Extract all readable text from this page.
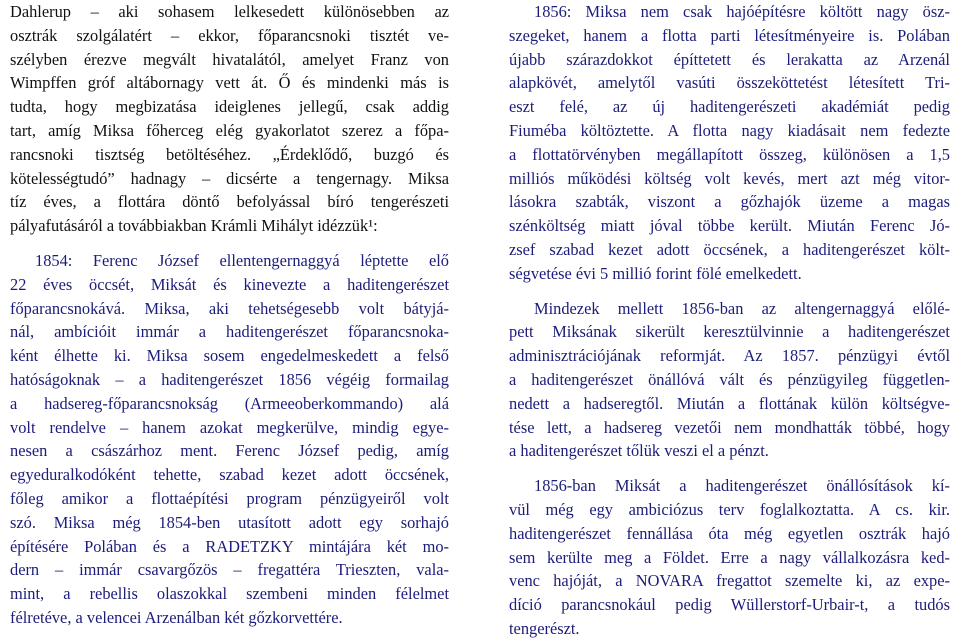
Dahlerup – aki sohasem lelkesedett különösebben az
osztrák szolgálatért – ekkor, főparancsnoki tisztét ve-
szélyben érezve megvált hivatalától, amelyet Franz von
Wimpffen gróf altábornagy vett át. Ő és mindenki más is
tudta, hogy megbizatása ideiglenes jellegű, csak addig
tart, amíg Miksa főherceg elég gyakorlatot szerez a főpa-
rancsnoki tisztség betöltéséhez. „Érdeklődő, buzgó és
kötelességtudó” hadnagy – dicsérte a tengernagy. Miksa
tíz éves, a flottára döntő befolyással bíró tengerészeti
pályafutásáról a továbbiakban Krámli Mihályt idézzük¹:
1854: Ferenc József ellentengernaggyá léptette elő
22 éves öccsét, Miksát és kinevezte a haditengerészet
főparancsnokává. Miksa, aki tehetségesebb volt bátyjá-
nál, ambícióit immár a haditengerészet főparancsnoka-
ként élhette ki. Miksa sosem engedelmeskedett a felső
hatóságoknak – a haditengerészet 1856 végéig formailag
a hadsereg-főparancsnokság (Armeeoberkommando) alá
volt rendelve – hanem azokat megkerülve, mindig egye-
nesen a császárhoz ment. Ferenc József pedig, amíg
egyeduralkodóként tehette, szabad kezet adott öccsének,
főleg amikor a flottaépítési program pénzügyeiről volt
szó. Miksa még 1854-ben utasított adott egy sorhajó
építésére Polában és a RADETZKY mintájára két mo-
dern – immár csavargőzös – fregattéra Trieszten, vala-
mint, a rebellis olaszokkal szembeni minden félelmet
félretéve, a velencei Arzenálban két gőzkorvettére.
1856: Miksa nem csak hajóépítésre költött nagy ösz-
szegeket, hanem a flotta parti létesítményeire is. Polában
újabb szárazdokkot építtetett és lerakatta az Arzenál
alapkövét, amelytől vasúti összeköttetést létesített Tri-
eszt felé, az új haditengerészeti akadémiát pedig
Fiuméba költöztette. A flotta nagy kiadásait nem fedezte
a flottatörvényben megállapított összeg, különösen a 1,5
milliós működési költség volt kevés, mert azt még vitor-
lásokra szabták, viszont a gőzhajók üzeme a magas
szénköltség miatt jóval többe került. Miután Ferenc Jó-
zsef szabad kezet adott öccsének, a haditengerészet költ-
ségvetése évi 5 millió forint fölé emelkedett.
Mindezek mellett 1856-ban az altengernaggyá előlé-
pett Miksának sikerült keresztülvinnie a haditengerészet
adminisztrációjának reformját. Az 1857. pénzügyi évtől
a haditengerészet önállóvá vált és pénzügyileg független-
nedett a hadseregtől. Miután a flottának külön költségve-
tése lett, a hadsereg vezetői nem mondhatták többé, hogy
a haditengerészet tőlük veszi el a pénzt.
1856-ban Miksát a haditengerészet önállósítások kí-
vül még egy ambiciózus terv foglalkoztatta. A cs. kir.
haditengerészet fennállása óta még egyetlen osztrák hajó
sem kerülte meg a Földet. Erre a nagy vállalkozásra ked-
venc hajóját, a NOVARA fregattot szemelte ki, az expe-
díció parancsnokául pedig Wüllerstorf-Urbair-t, a tudós
tengerészt.
